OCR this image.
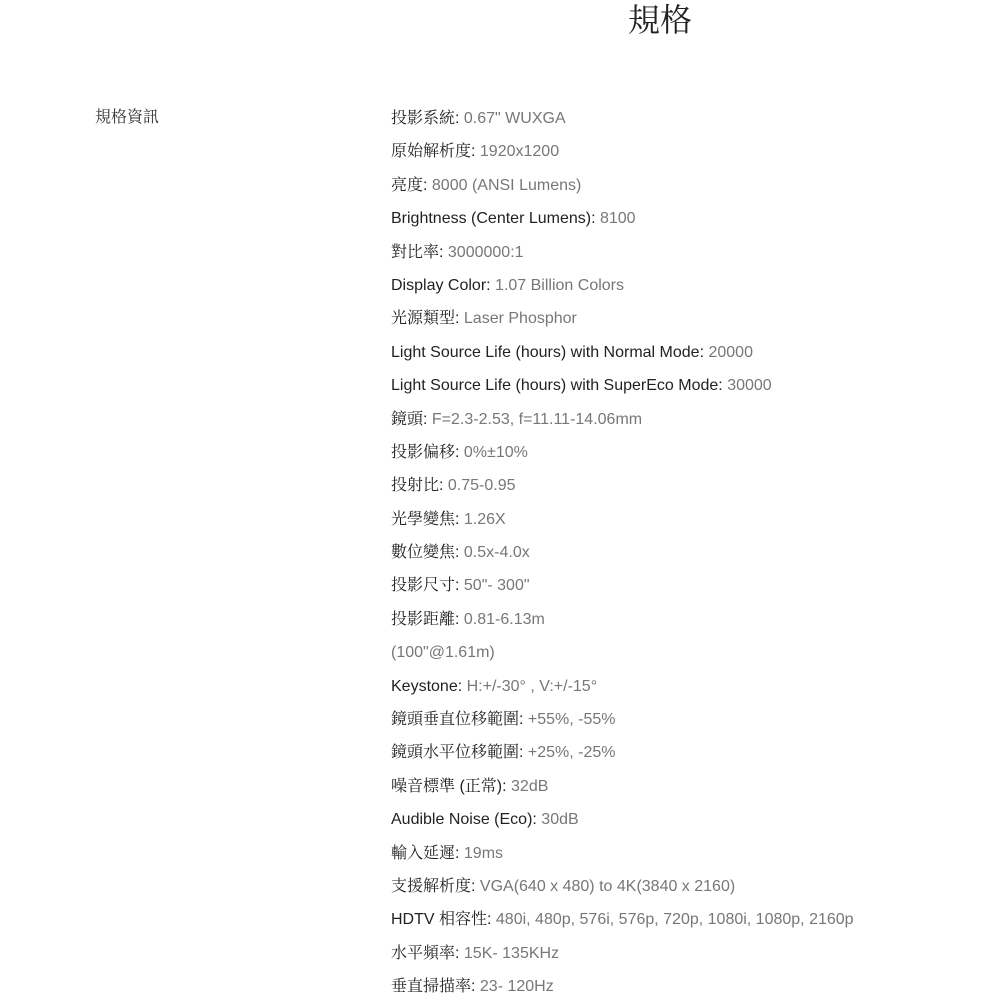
規格
規格資訊	投影系統: 0.67" WUXGA
原始解析度: 1920x1200
亮度: 8000 (ANSI Lumens)
Brightness (Center Lumens): 8100
對比率: 3000000:1
Display Color: 1.07 Billion Colors
光源類型: Laser Phosphor
Light Source Life (hours) with Normal Mode: 20000
Light Source Life (hours) with SuperEco Mode: 30000
鏡頭: F=2.3-2.53, f=11.11-14.06mm
投影偏移: 0%±10%
投射比: 0.75-0.95
光學變焦: 1.26X
數位變焦: 0.5x-4.0x
投影尺寸: 50"- 300"
投影距離: 0.81-6.13m
(100"@1.61m)
Keystone: H:+/-30° , V:+/-15°
鏡頭垂直位移範圍: +55%, -55%
鏡頭水平位移範圍: +25%, -25%
噪音標準 (正常): 32dB
Audible Noise (Eco): 30dB
輸入延遲: 19ms
支援解析度: VGA(640 x 480) to 4K(3840 x 2160)
HDTV 相容性: 480i, 480p, 576i, 576p, 720p, 1080i, 1080p, 2160p
水平頻率: 15K- 135KHz
垂直掃描率: 23- 120Hz
